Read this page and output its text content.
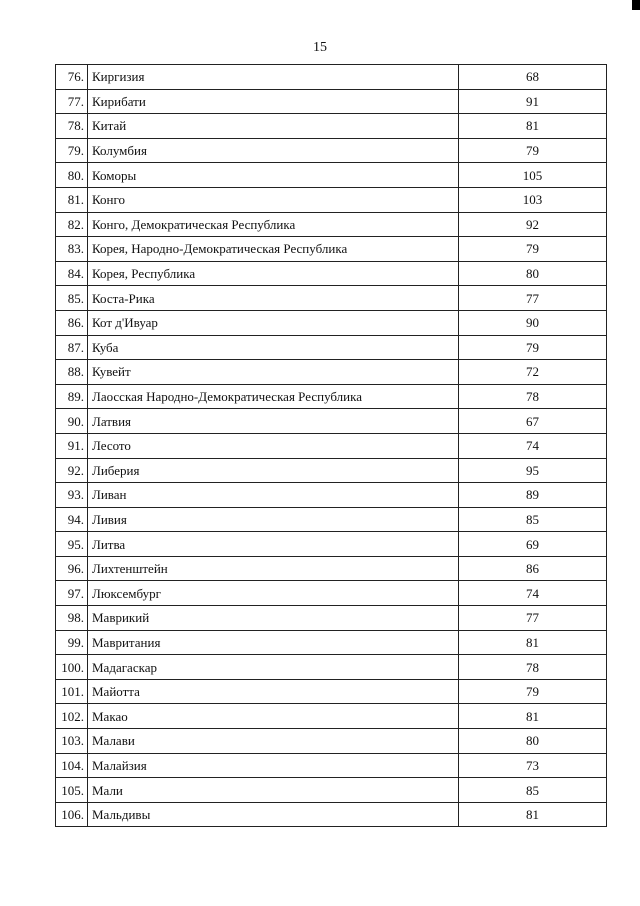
15
76.	Киргизия	68
77.	Кирибати	91
78.	Китай	81
79.	Колумбия	79
80.	Коморы	105
81.	Конго	103
82.	Конго, Демократическая Республика	92
83.	Корея, Народно-Демократическая Республика	79
84.	Корея, Республика	80
85.	Коста-Рика	77
86.	Кот д'Ивуар	90
87.	Куба	79
88.	Кувейт	72
89.	Лаосская Народно-Демократическая Республика	78
90.	Латвия	67
91.	Лесото	74
92.	Либерия	95
93.	Ливан	89
94.	Ливия	85
95.	Литва	69
96.	Лихтенштейн	86
97.	Люксембург	74
98.	Маврикий	77
99.	Мавритания	81
100.	Мадагаскар	78
101.	Майотта	79
102.	Макао	81
103.	Малави	80
104.	Малайзия	73
105.	Мали	85
106.	Мальдивы	81
